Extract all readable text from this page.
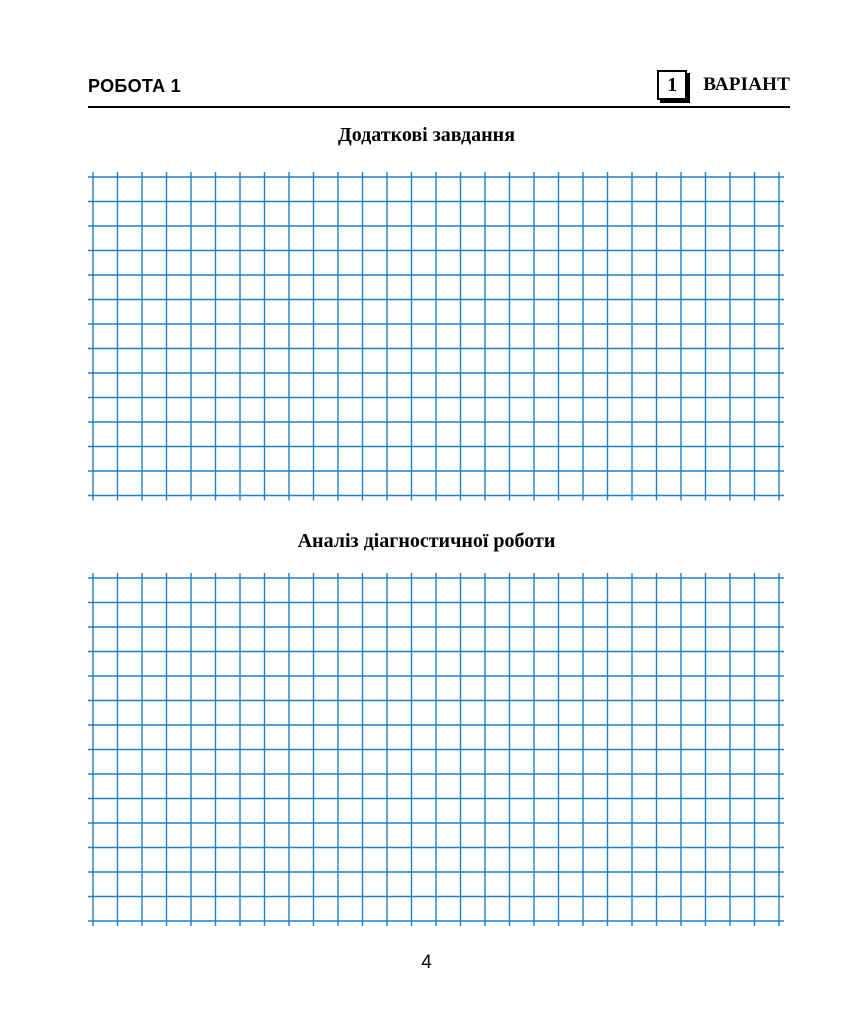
РОБОТА 1	1	ВАРІАНТ
Додаткові завдання
Аналіз діагностичної роботи
4
